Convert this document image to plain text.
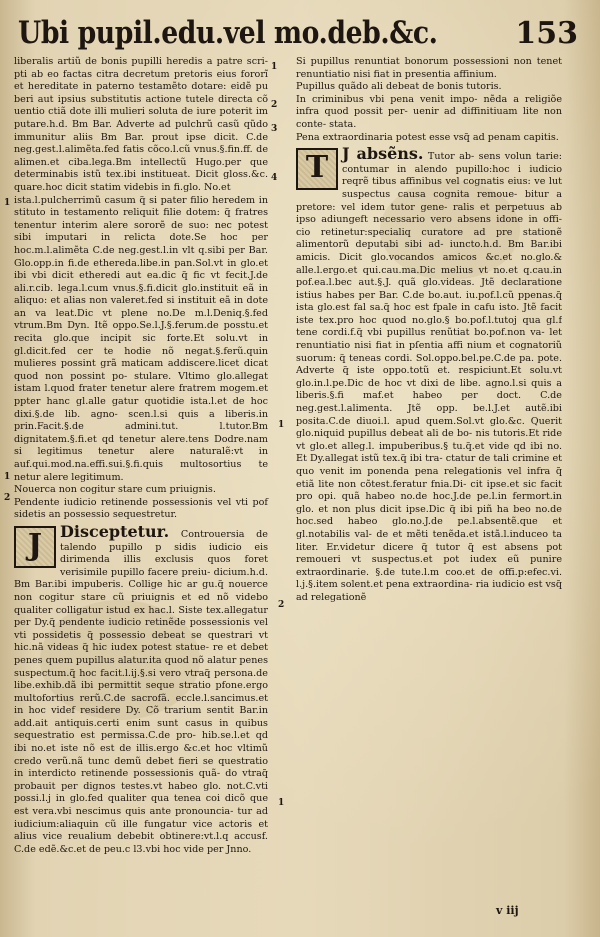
Ubi pupil.edu.vel mo.deb.&c.	153

liberalis artiũ de bonis pupilli heredis a patre scri- pti ab eo factas citra decretum pretoris eius fororĩ et hereditate in paterno testamẽto dotare: eidẽ pu beri aut ipsius substitutis actione tutele directa cõ uentio ctiã dote illi mulieri soluta de iure poterit im putare.h.d. Bm Bar. Adverte ad pulchrũ casũ qũdo immunitur aliis Bm Bar. prout ipse dicit. C.de neg.gest.l.alimẽta.fed fatis cõco.l.cũ vnus.§.fin.ff. de alimen.et ciba.lega.Bm intellectũ Hugo.per que determinabis istũ tex.ibi institueat. Dicit gloss.&c. quare.hoc dicit statim videbis in fi.glo. No.et

ista.l.pulcherrimũ casum q̃ si pater filio heredem in stituto in testamento reliquit filie dotem: q̃ fratres tenentur interim alere sororẽ de suo: nec potest sibi imputari in relicta dote.Se hoc per hoc.m.l.alimẽta C.de neg.gest.l.in vlt q.sibi per Bar. Glo.opp.in fi.de ethereda.libe.in pan.Sol.vt in glo.et ibi vbi dicit etheredi aut ea.dic q̃ fic vt fecit.J.de ali.r.cib. lega.l.cum vnus.§.fi.dicit glo.instituit eã in aliquo: et alias non valeret.fed si instituit eã in dote an va leat.Dic vt plene no.De m.l.Deniq.§.fed vtrum.Bm Dyn. Itẽ oppo.Se.l.J.§.ferum.de posstu.et recita glo.que incipit sic forte.Et solu.vt in gl.dicit.fed cer te hodie nõ negat.§.ferũ.quin mulieres possint grã maticam addiscere.licet dicat quod non possint po- stulare. Vltimo glo.allegat istam l.quod frater tenetur alere fratrem mogem.et ppter hanc gl.alle gatur quotidie ista.l.et de hoc dixi.§.de lib. agno- scen.l.si quis a liberis.in prin.Facit.§.de admini.tut. l.tutor.Bm dignitatem.§.fi.et qd tenetur alere.tens Dodre.nam si legitimus tenetur alere naturalẽ:vt in auf.qui.mod.na.effi.sui.§.fi.quis multosortius te netur alere legitimum.

Nouerca non cogitur stare cum priuignis.

Pendente iudicio retinende possessionis vel vti pof sidetis an possessio sequestretur.

J	Disceptetur. Controuersia de talendo pupillo p sidis iudicio eis dirimenda illis exclusis quos foret verisimile pupillo facere preiu- dicium.h.d. Bm Bar.ibi impuberis. Collige hic ar gu.q̃ nouerce non cogitur stare cũ priuignis et ed nõ videbo qualiter colligatur istud ex hac.l. Siste tex.allegatur per Dy.q̃ pendente iudicio retinẽde possessionis vel vti possidetis q̃ possessio debeat se questrari vt hic.nã videas q̃ hic iudex potest statue- re et debet penes quem pupillus alatur.ita quod nõ alatur penes suspectum.q̃ hoc facit.l.ij.§.si vero vtraq̃ persona.de libe.exhib.dã ibi permittit seque stratio pfone.ergo multofortius rerũ.C.de sacrofã. eccle.l.sancimus.et in hoc videf residere Dy. Cõ trarium sentit Bar.in add.ait antiquis.certi enim sunt casus in quibus sequestratio est permissa.C.de pro- hib.se.l.et qd ibi no.et iste nõ est de illis.ergo &c.et hoc vltimũ credo verũ.nã tunc demũ debet fieri se questratio in interdicto retinende possessionis quã- do vtraq̃ probauit per dignos testes.vt habeo glo. not.C.vti possi.l.j in glo.fed qualiter qua tenea coi dicõ que est vera.vbi nescimus quis ante pronouncia- tur ad iudicium:aliaquin cũ ille fungatur vice actoris et alius vice reualium debebit obtinere:vt.l.q accusf. C.de edẽ.&c.et de peu.c l3.vbi hoc vide per Jnno.

Si pupillus renuntiat bonorum possessioni non tenet renuntiatio nisi fiat in presentia affinium.

Pupillus quãdo ali debeat de bonis tutoris.

In criminibus vbi pena venit impo- nẽda a religiõe infra quod possit per- uenir ad diffinitiuam lite non conte- stata.

Pena extraordinaria potest esse vsq̃ ad penam capitis.

T J absẽns. Tutor ab- sens volun tarie: contumar in alendo pupillo:hoc i iudicio reqrẽ tibus affinibus vel cognatis eius: ve lut suspectus causa cognita remoue- bitur a pretore: vel idem tutor gene- ralis et perpetuus ab ipso adiungeft necessario vero absens idone in offi- cio retinetur:specialiq curatore ad pre stationẽ alimentorũ deputabi sibi ad- iuncto.h.d. Bm Bar.ibi amicis. Dicit glo.vocandos amicos &c.et no.glo.& alle.l.ergo.et qui.cau.ma.Dic melius vt no.et q.cau.in pof.ea.l.bec aut.§.J. quã glo.videas. Jtẽ declaratione istius habes per Bar. C.de bo.aut. iu.pof.l.cũ ppenas.q̃ ista glo.est fal sa.q̃ hoc est fpale in cafu isto. Jtẽ facit iste tex.pro hoc quod no.glo.§ bo.pof.l.tutoj qua gl.f tene cordi.f.q̃ vbi pupillus renũtiat bo.pof.non va- let renuntiatio nisi fiat in pſentia affi nium et cognatoriũ suorum: q̃ teneas cordi. Sol.oppo.bel.pe.C.de pa. pote. Adverte q̃ iste oppo.totũ et. respiciunt.Et solu.vt glo.in.l.pe.Dic de hoc vt dixi de libe. agno.l.si quis a liberis.§.fi maf.et habeo per doct. C.de neg.gest.l.alimenta. Jtẽ opp. be.l.J.et autẽ.ibi posita.C.de diuoi.l. apud quem.Sol.vt glo.&c. Querit glo.niquid pupillus debeat ali de bo- nis tutoris.Et ride vt glo.et alleg.l. impuberibus.§ tu.q̃.et vide qd ibi no. Et Dy.allegat istũ tex.q̃ ibi tra- ctatur de tali crimine et quo venit im ponenda pena relegationis vel infra q̃ etiã lite non cõtest.feratur fnia.Di- cit ipse.et sic facit pro opi. quã habeo no.de hoc.J.de pe.l.in fermort.in glo. et non plus dicit ipse.Dic q̃ ibi piñ ha beo no.de hoc.sed habeo glo.no.J.de pe.l.absentẽ.que et gl.notabilis val- de et mẽti tenẽda.et istã.l.induceo ta liter. Er.videtur dicere q̃ tutor q̃ est absens pot remoueri vt suspectus.et pot iudex eũ punire extraordinarie. §.de tute.l.m coo.et de offi.p:efec.vi. l.j.§.item solent.et pena extraordina- ria iudicio est vsq̃ ad relegationẽ
1
2
3
4
1
1
2
1
2
1
v iij
